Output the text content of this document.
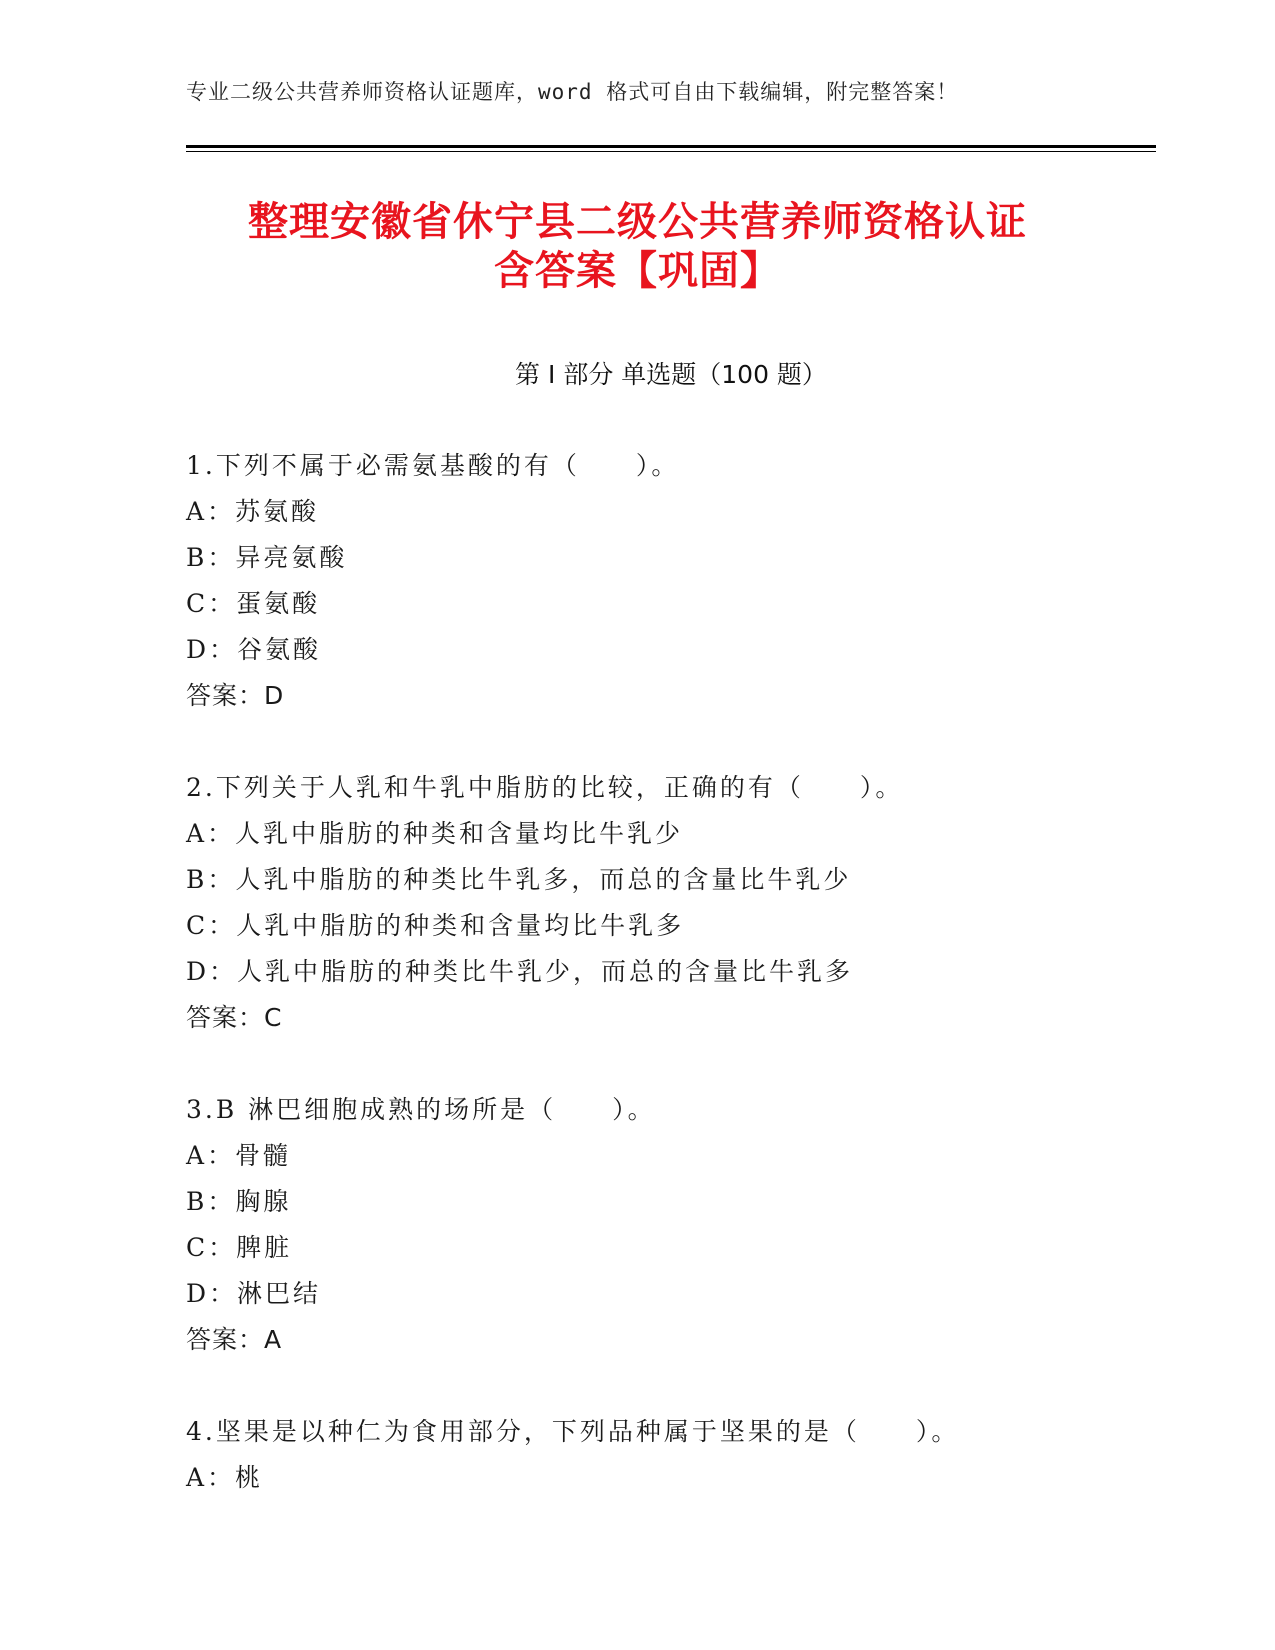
专业二级公共营养师资格认证题库，word 格式可自由下载编辑，附完整答案！
整理安徽省休宁县二级公共营养师资格认证
含答案【巩固】
第 I 部分 单选题（100 题）
1.下列不属于必需氨基酸的有（　　）。
A：苏氨酸
B：异亮氨酸
C：蛋氨酸
D：谷氨酸
答案：D
2.下列关于人乳和牛乳中脂肪的比较，正确的有（　　）。
A：人乳中脂肪的种类和含量均比牛乳少
B：人乳中脂肪的种类比牛乳多，而总的含量比牛乳少
C：人乳中脂肪的种类和含量均比牛乳多
D：人乳中脂肪的种类比牛乳少，而总的含量比牛乳多
答案：C
3.B 淋巴细胞成熟的场所是（　　）。
A：骨髓
B：胸腺
C：脾脏
D：淋巴结
答案：A
4.坚果是以种仁为食用部分，下列品种属于坚果的是（　　）。
A：桃
